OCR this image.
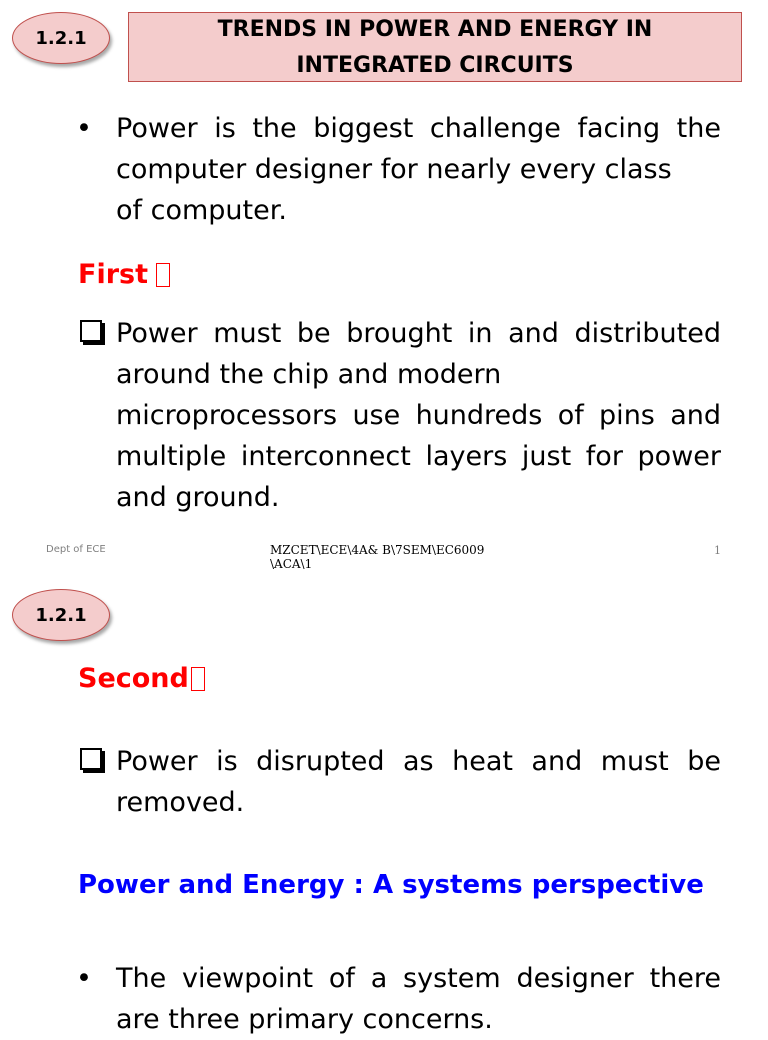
1.2.1	TRENDS IN POWER AND ENERGY IN
INTEGRATED CIRCUITS
• Power is the biggest challenge facing the
computer designer for nearly every class
of computer.
First
Power must be brought in and distributed
around the chip and modern
microprocessors use hundreds of pins and
multiple interconnect layers just for power
and ground.
Dept of ECE	MZCET\ECE\4A& B\7SEM\EC6009
\ACA\1
1
1.2.1
Second
Power is disrupted as heat and must be
removed.
Power and Energy : A systems perspective
• The viewpoint of a system designer there
are three primary concerns.
